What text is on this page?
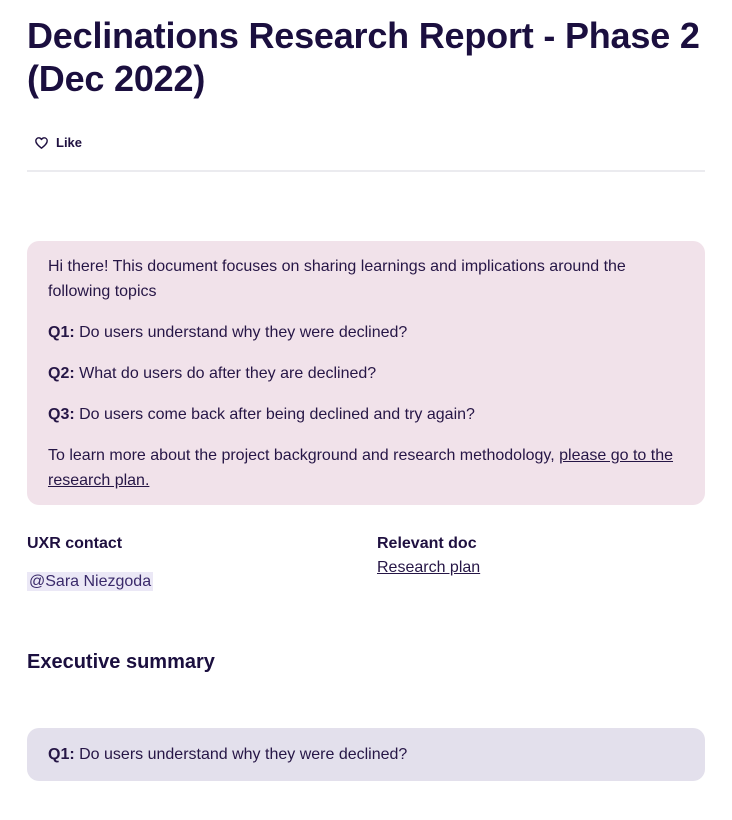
Declinations Research Report - Phase 2 (Dec 2022)
Like

Hi there! This document focuses on sharing learnings and implications around the following topics

Q1: Do users understand why they were declined?

Q2: What do users do after they are declined?

Q3: Do users come back after being declined and try again?

To learn more about the project background and research methodology, please go to the research plan.

UXR contact
@Sara Niezgoda
Relevant doc
Research plan
Executive summary
Q1: Do users understand why they were declined?
